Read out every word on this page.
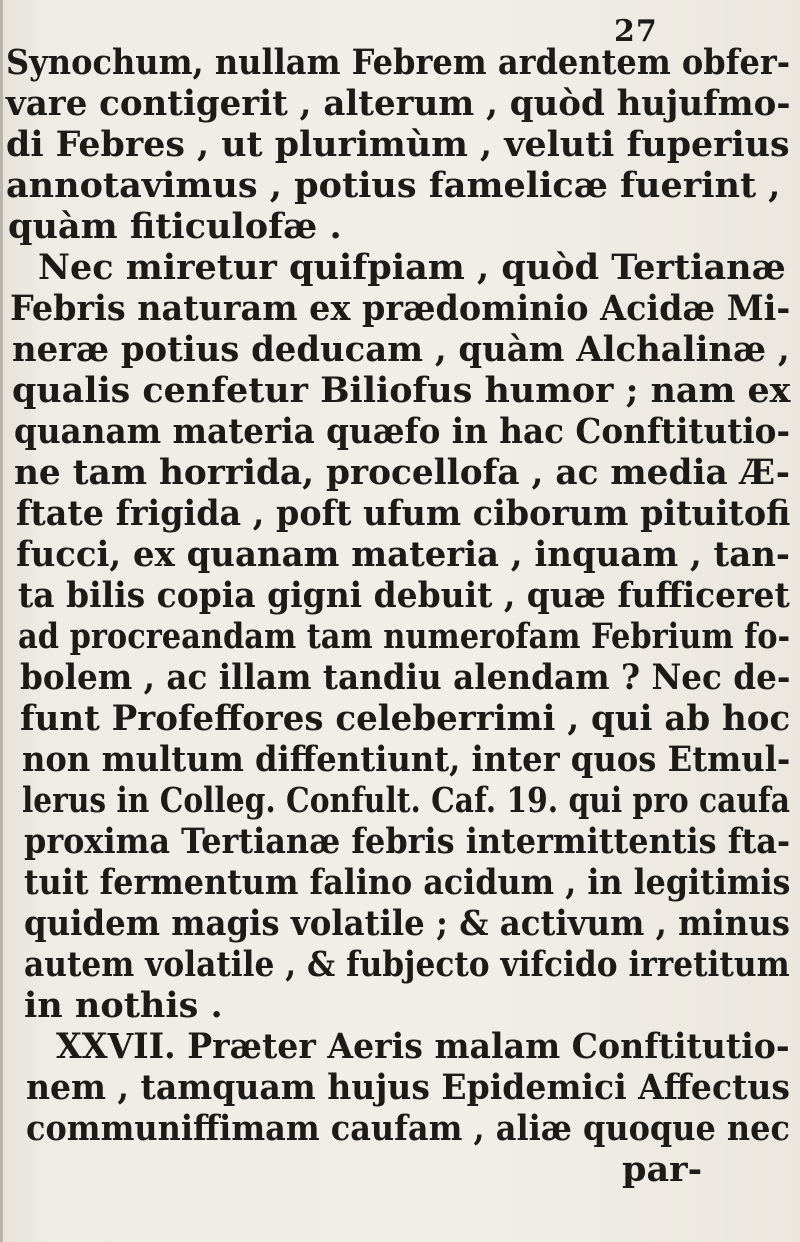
27
Synochum, nullam Febrem ardentem obfer-
vare contigerit , alterum , quòd hujufmo-
di Febres , ut plurimùm , veluti fuperius
annotavimus , potius famelicæ fuerint ,
quàm fiticulofæ .
Nec miretur quifpiam , quòd Tertianæ
Febris naturam ex prædominio Acidæ Mi-
neræ potius deducam , quàm Alchalinæ ,
qualis cenfetur Biliofus humor ; nam ex
quanam materia quæfo in hac Conftitutio-
ne tam horrida, procellofa , ac media Æ-
ftate frigida , poft ufum ciborum pituitofi
fucci, ex quanam materia , inquam , tan-
ta bilis copia gigni debuit , quæ fufficeret
ad procreandam tam numerofam Febrium fo-
bolem , ac illam tandiu alendam ? Nec de-
funt Profeffores celeberrimi , qui ab hoc
non multum diffentiunt, inter quos Etmul-
lerus in Colleg. Confult. Caf. 19. qui pro caufa
proxima Tertianæ febris intermittentis fta-
tuit fermentum falino acidum , in legitimis
quidem magis volatile ; & activum , minus
autem volatile , & fubjecto vifcido irretitum
in nothis .
XXVII. Præter Aeris malam Conftitutio-
nem , tamquam hujus Epidemici Affectus
communiffimam caufam , aliæ quoque nec
par-
